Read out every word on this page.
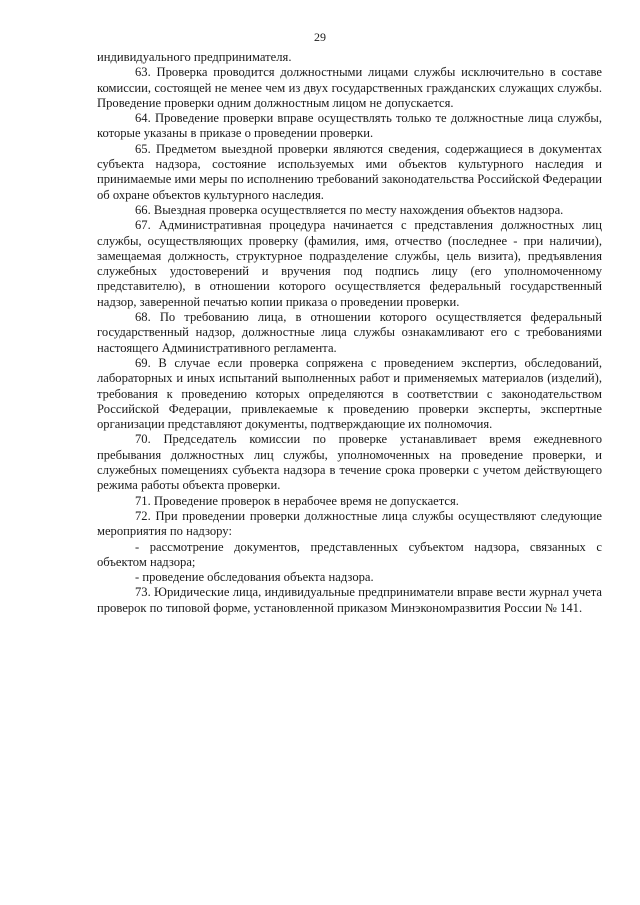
29

индивидуального предпринимателя.

63. Проверка проводится должностными лицами службы исключительно в составе комиссии, состоящей не менее чем из двух государственных гражданских служащих службы. Проведение проверки одним должностным лицом не допускается.

64. Проведение проверки вправе осуществлять только те должностные лица службы, которые указаны в приказе о проведении проверки.

65. Предметом выездной проверки являются сведения, содержащиеся в документах субъекта надзора, состояние используемых ими объектов культурного наследия и принимаемые ими меры по исполнению требований законодательства Российской Федерации об охране объектов культурного наследия.

66. Выездная проверка осуществляется по месту нахождения объектов надзора.

67. Административная процедура начинается с представления должностных лиц службы, осуществляющих проверку (фамилия, имя, отчество (последнее - при наличии), замещаемая должность, структурное подразделение службы, цель визита), предъявления служебных удостоверений и вручения под подпись лицу (его уполномоченному представителю), в отношении которого осуществляется федеральный государственный надзор, заверенной печатью копии приказа о проведении проверки.

68. По требованию лица, в отношении которого осуществляется федеральный государственный надзор, должностные лица службы ознакамливают его с требованиями настоящего Административного регламента.

69. В случае если проверка сопряжена с проведением экспертиз, обследований, лабораторных и иных испытаний выполненных работ и применяемых материалов (изделий), требования к проведению которых определяются в соответствии с законодательством Российской Федерации, привлекаемые к проведению проверки эксперты, экспертные организации представляют документы, подтверждающие их полномочия.

70. Председатель комиссии по проверке устанавливает время ежедневного пребывания должностных лиц службы, уполномоченных на проведение проверки, и служебных помещениях субъекта надзора в течение срока проверки с учетом действующего режима работы объекта проверки.

71. Проведение проверок в нерабочее время не допускается.

72. При проведении проверки должностные лица службы осуществляют следующие мероприятия по надзору:

- рассмотрение документов, представленных субъектом надзора, связанных с объектом надзора;

- проведение обследования объекта надзора.

73. Юридические лица, индивидуальные предприниматели вправе вести журнал учета проверок по типовой форме, установленной приказом Минэкономразвития России № 141.
